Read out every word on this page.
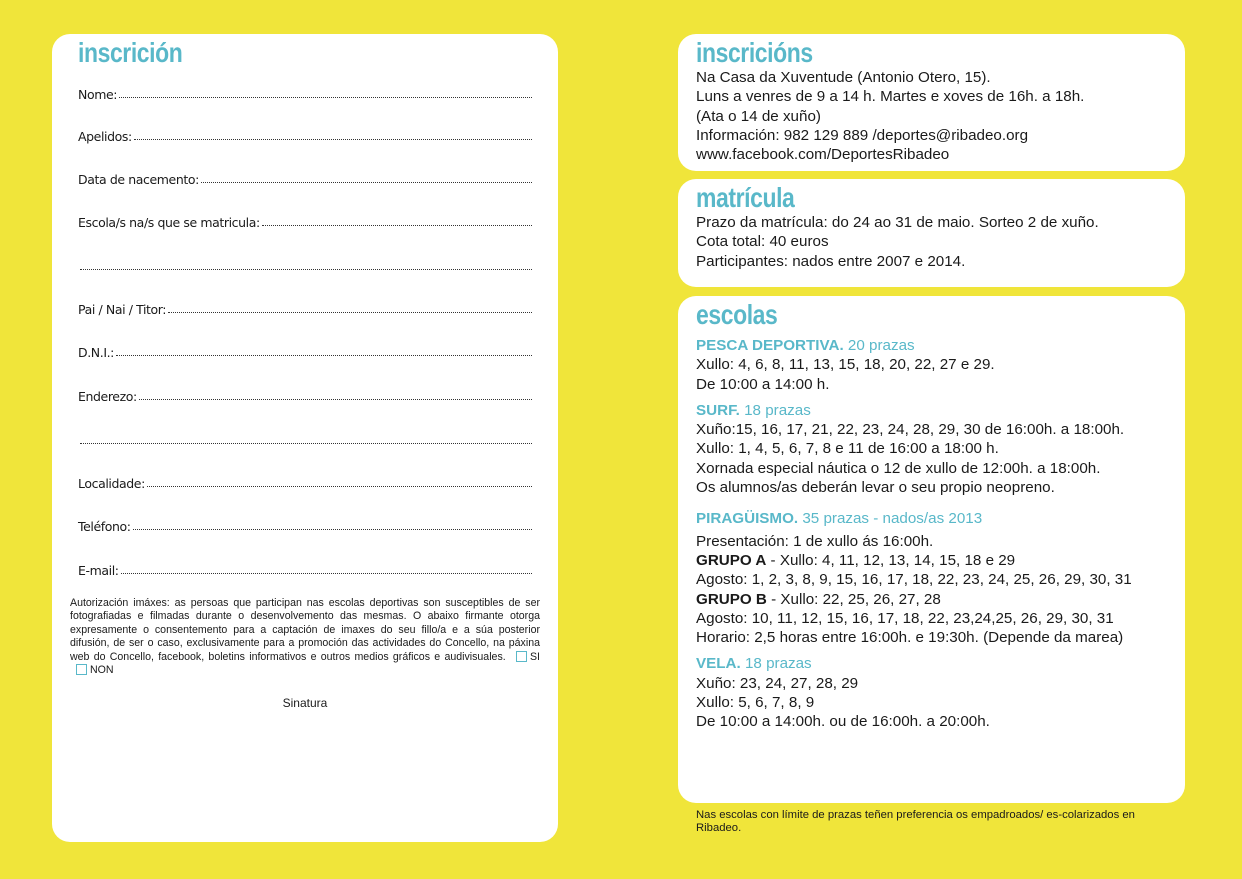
inscrición
Nome:
Apelidos:
Data de nacemento:
Escola/s na/s que se matricula:
Pai / Nai / Titor:
D.N.I.:
Enderezo:
Localidade:
Teléfono:
E-mail:
Autorización imáxes: as persoas que participan nas escolas deportivas son susceptibles de ser fotografiadas e filmadas durante o desenvolvemento das mesmas. O abaixo firmante otorga expresamente o consentemento para a captación de imaxes do seu fillo/a e a súa posterior difusión, de ser o caso, exclusivamente para a promoción das actividades do Concello, na páxina web do Concello, facebook, boletins informativos e outros medios gráficos e audivisuales. SI NON
Sinatura
inscricións
Na Casa da Xuventude (Antonio Otero, 15).
Luns a venres de 9 a 14 h. Martes e xoves de 16h. a 18h.
(Ata o 14 de xuño)
Información: 982 129 889 /deportes@ribadeo.org
www.facebook.com/DeportesRibadeo
matrícula
Prazo da matrícula: do 24 ao 31 de maio. Sorteo 2 de xuño.
Cota total: 40 euros
Participantes: nados entre 2007 e 2014.
escolas
PESCA DEPORTIVA. 20 prazas
Xullo: 4, 6, 8, 11, 13, 15, 18, 20, 22, 27 e 29.
De 10:00 a 14:00 h.
SURF. 18 prazas
Xuño:15, 16, 17, 21, 22, 23, 24, 28, 29, 30 de 16:00h. a 18:00h.
Xullo: 1, 4, 5, 6, 7, 8 e 11 de 16:00 a 18:00 h.
Xornada especial náutica o 12 de xullo de 12:00h. a 18:00h.
Os alumnos/as deberán levar o seu propio neopreno.
PIRAGÜISMO. 35 prazas - nados/as 2013
Presentación: 1 de xullo ás 16:00h.
GRUPO A - Xullo: 4, 11, 12, 13, 14, 15, 18 e 29
Agosto: 1, 2, 3, 8, 9, 15, 16, 17, 18, 22, 23, 24, 25, 26, 29, 30, 31
GRUPO B - Xullo: 22, 25, 26, 27, 28
Agosto: 10, 11, 12, 15, 16, 17, 18, 22, 23,24,25, 26, 29, 30, 31
Horario: 2,5 horas entre 16:00h. e 19:30h. (Depende da marea)
VELA. 18 prazas
Xuño: 23, 24, 27, 28, 29
Xullo: 5, 6, 7, 8, 9
De 10:00 a 14:00h. ou de 16:00h. a 20:00h.
Nas escolas con límite de prazas teñen preferencia os empadroados/ es-colarizados en Ribadeo.
